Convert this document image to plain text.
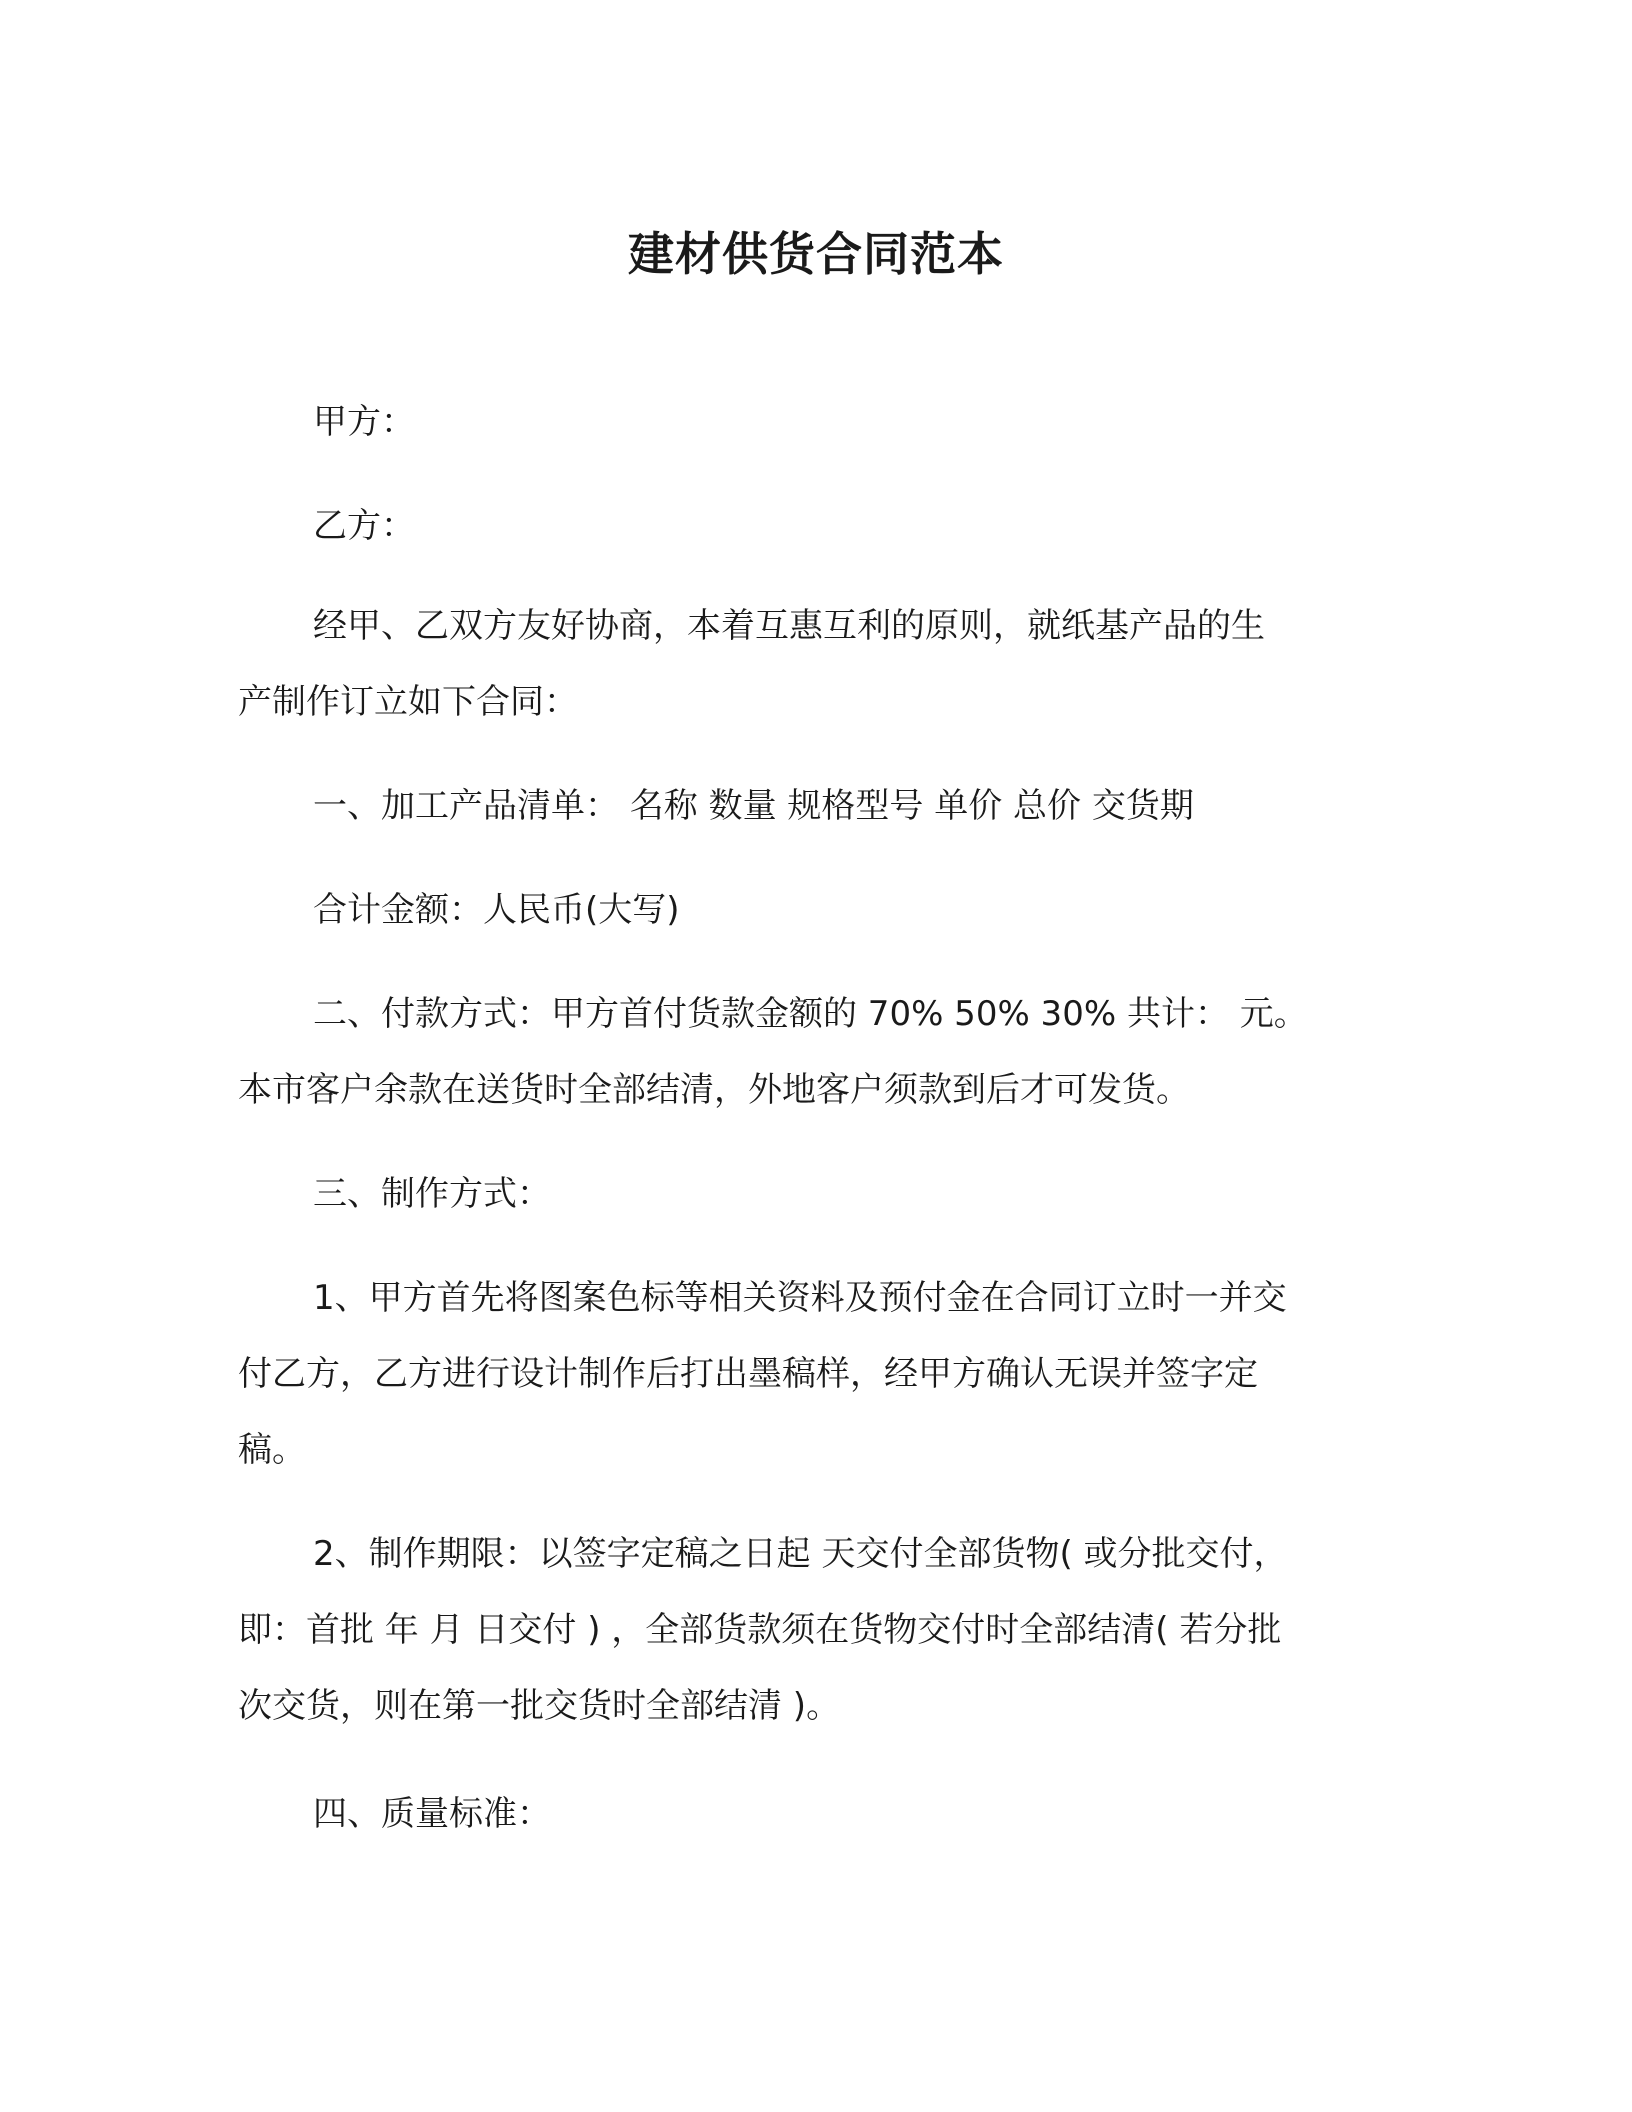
建材供货合同范本
甲方：
乙方：
经甲、乙双方友好协商，本着互惠互利的原则，就纸基产品的生
产制作订立如下合同：
一、加工产品清单： 名称 数量 规格型号 单价 总价 交货期
合计金额：人民币(大写)
二、付款方式：甲方首付货款金额的 70% 50% 30% 共计： 元。
本市客户余款在送货时全部结清，外地客户须款到后才可发货。
三、制作方式：
1、甲方首先将图案色标等相关资料及预付金在合同订立时一并交
付乙方，乙方进行设计制作后打出墨稿样，经甲方确认无误并签字定
稿。
2、制作期限：以签字定稿之日起 天交付全部货物( 或分批交付，
即：首批 年 月 日交付 ) ，全部货款须在货物交付时全部结清( 若分批
次交货，则在第一批交货时全部结清 )。
四、质量标准：
